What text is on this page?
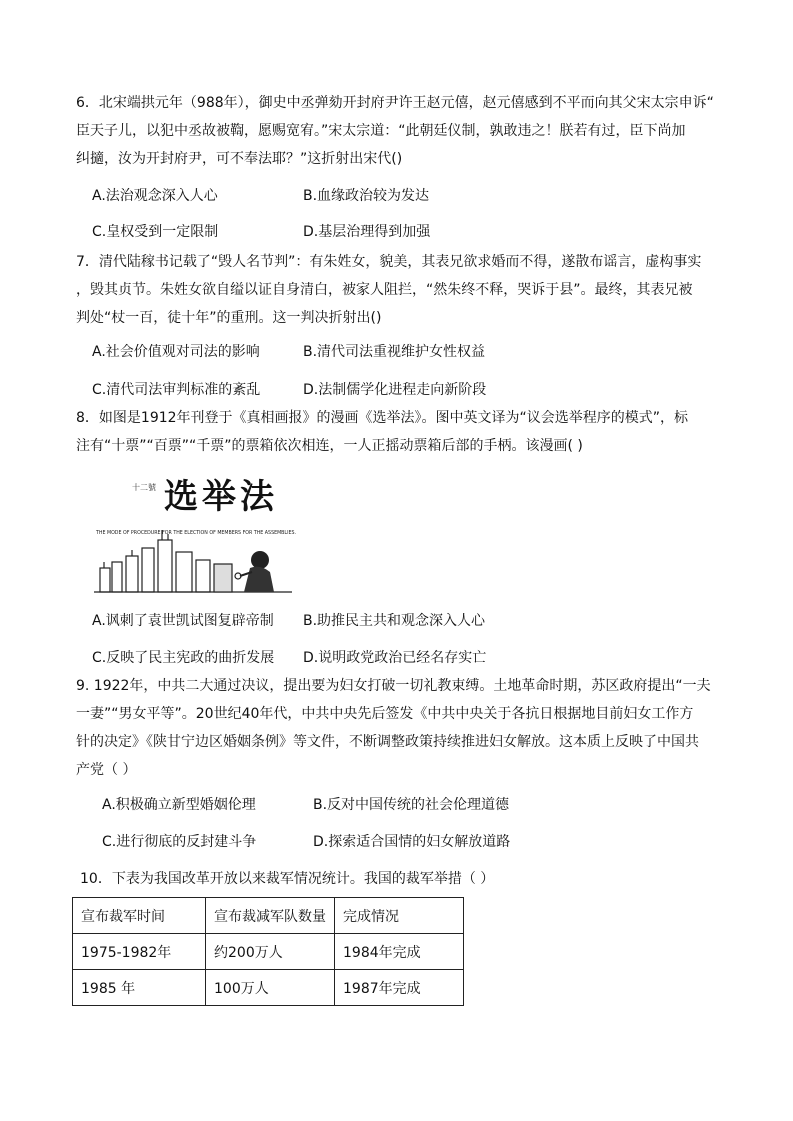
6．北宋端拱元年（988年），御史中丞弹劾开封府尹许王赵元僖，赵元僖感到不平而向其父宋太宗申诉“
臣天子儿，以犯中丞故被鞫，愿赐宽宥。”宋太宗道：“此朝廷仪制，孰敢违之！朕若有过，臣下尚加
纠擿，汝为开封府尹，可不奉法耶？”这折射出宋代()
A.法治观念深入人心	B.血缘政治较为发达
C.皇权受到一定限制	D.基层治理得到加强
7．清代陆稼书记载了“毁人名节判”：有朱姓女，貌美，其表兄欲求婚而不得，遂散布谣言，虚构事实
，毁其贞节。朱姓女欲自缢以证自身清白，被家人阻拦，“然朱终不释，哭诉于县”。最终，其表兄被
判处“杖一百，徒十年”的重刑。这一判决折射出()
A.社会价值观对司法的影响	B.清代司法重视维护女性权益
C.清代司法审判标准的紊乱	D.法制儒学化进程走向新阶段
8．如图是1912年刊登于《真相画报》的漫画《选举法》。图中英文译为“议会选举程序的模式”，标
注有“十票”“百票”“千票”的票箱依次相连，一人正摇动票箱后部的手柄。该漫画( )
十二號 选举法
THE MODE OF PROCEDURE FOR THE ELECTION OF MEMBERS FOR THE ASSEMBLIES.
A.讽刺了袁世凯试图复辟帝制 B.助推民主共和观念深入人心
C.反映了民主宪政的曲折发展 D.说明政党政治已经名存实亡
9. 1922年，中共二大通过决议，提出要为妇女打破一切礼教束缚。土地革命时期，苏区政府提出“一夫
一妻”“男女平等”。20世纪40年代，中共中央先后签发《中共中央关于各抗日根据地目前妇女工作方
针的决定》《陕甘宁边区婚姻条例》等文件，不断调整政策持续推进妇女解放。这本质上反映了中国共
产党（ ）
A.积极确立新型婚姻伦理	B.反对中国传统的社会伦理道德
C.进行彻底的反封建斗争	D.探索适合国情的妇女解放道路
10．下表为我国改革开放以来裁军情况统计。我国的裁军举措（ ）
宣布裁军时间	宣布裁减军队数量	完成情况
1975-1982年	约200万人	1984年完成
1985 年	100万人	1987年完成
